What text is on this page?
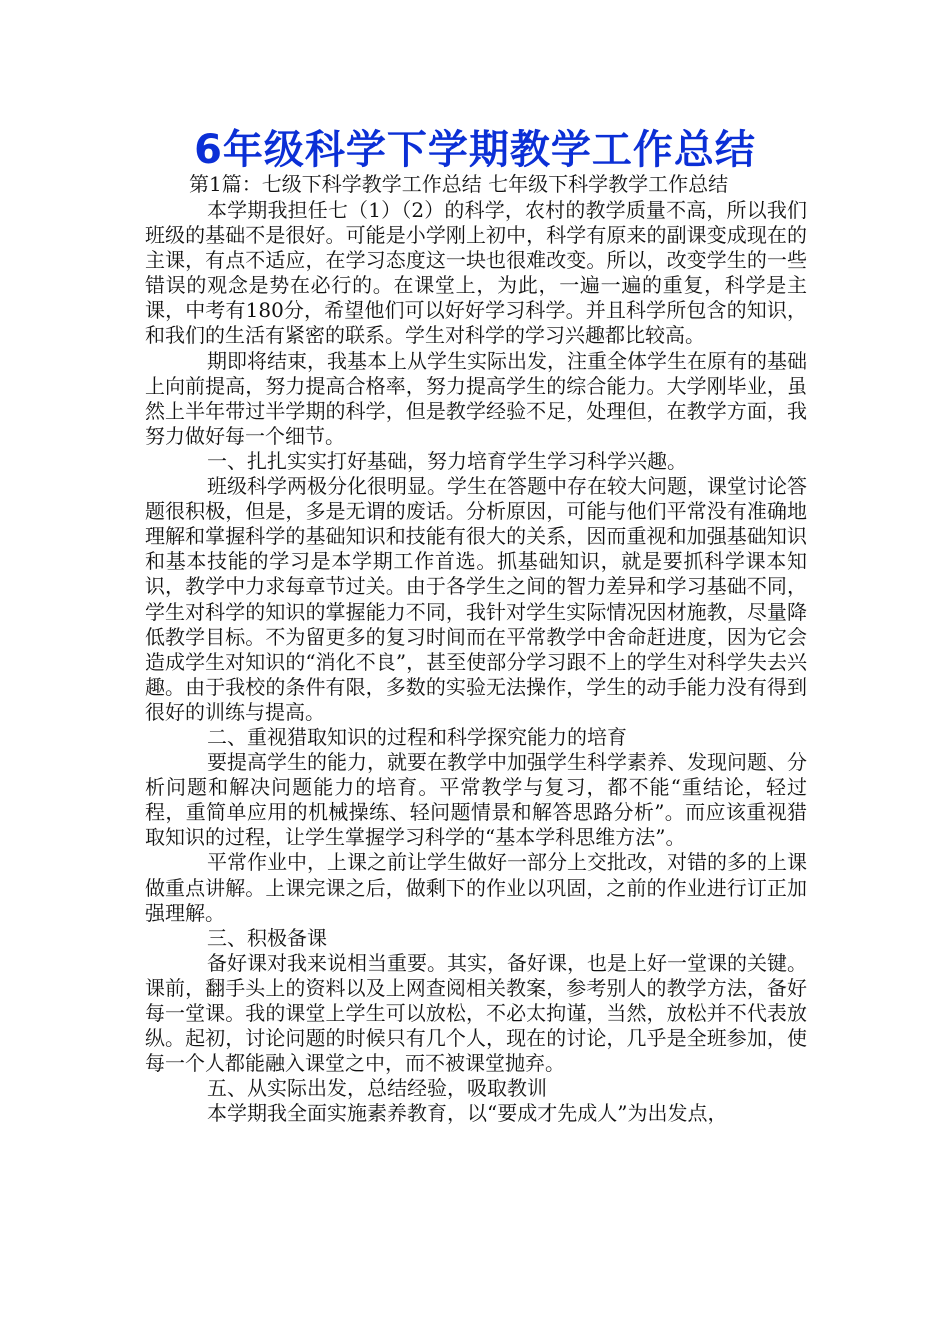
6年级科学下学期教学工作总结
第1篇：七级下科学教学工作总结 七年级下科学教学工作总结

本学期我担任七（1）（2）的科学，农村的教学质量不高，所以我们班级的基础不是很好。可能是小学刚上初中，科学有原来的副课变成现在的主课，有点不适应，在学习态度这一块也很难改变。所以，改变学生的一些错误的观念是势在必行的。在课堂上，为此，一遍一遍的重复，科学是主课，中考有180分，希望他们可以好好学习科学。并且科学所包含的知识，和我们的生活有紧密的联系。学生对科学的学习兴趣都比较高。

期即将结束，我基本上从学生实际出发，注重全体学生在原有的基础上向前提高，努力提高合格率，努力提高学生的综合能力。大学刚毕业，虽然上半年带过半学期的科学，但是教学经验不足，处理但，在教学方面，我努力做好每一个细节。

一、扎扎实实打好基础，努力培育学生学习科学兴趣。

班级科学两极分化很明显。学生在答题中存在较大问题，课堂讨论答题很积极，但是，多是无谓的废话。分析原因，可能与他们平常没有准确地理解和掌握科学的基础知识和技能有很大的关系，因而重视和加强基础知识和基本技能的学习是本学期工作首选。抓基础知识，就是要抓科学课本知识，教学中力求每章节过关。由于各学生之间的智力差异和学习基础不同，学生对科学的知识的掌握能力不同，我针对学生实际情况因材施教，尽量降低教学目标。不为留更多的复习时间而在平常教学中舍命赶进度，因为它会造成学生对知识的“消化不良”，甚至使部分学习跟不上的学生对科学失去兴趣。由于我校的条件有限，多数的实验无法操作，学生的动手能力没有得到很好的训练与提高。

二、重视猎取知识的过程和科学探究能力的培育

要提高学生的能力，就要在教学中加强学生科学素养、发现问题、分析问题和解决问题能力的培育。平常教学与复习，都不能“重结论，轻过程，重简单应用的机械操练、轻问题情景和解答思路分析”。而应该重视猎取知识的过程，让学生掌握学习科学的“基本学科思维方法”。

平常作业中，上课之前让学生做好一部分上交批改，对错的多的上课做重点讲解。上课完课之后，做剩下的作业以巩固，之前的作业进行订正加强理解。

三、积极备课

备好课对我来说相当重要。其实，备好课，也是上好一堂课的关键。课前，翻手头上的资料以及上网查阅相关教案，参考别人的教学方法，备好每一堂课。我的课堂上学生可以放松，不必太拘谨，当然，放松并不代表放纵。起初，讨论问题的时候只有几个人，现在的讨论，几乎是全班参加，使每一个人都能融入课堂之中，而不被课堂抛弃。

五、从实际出发，总结经验，吸取教训

本学期我全面实施素养教育，以“要成才先成人”为出发点，
